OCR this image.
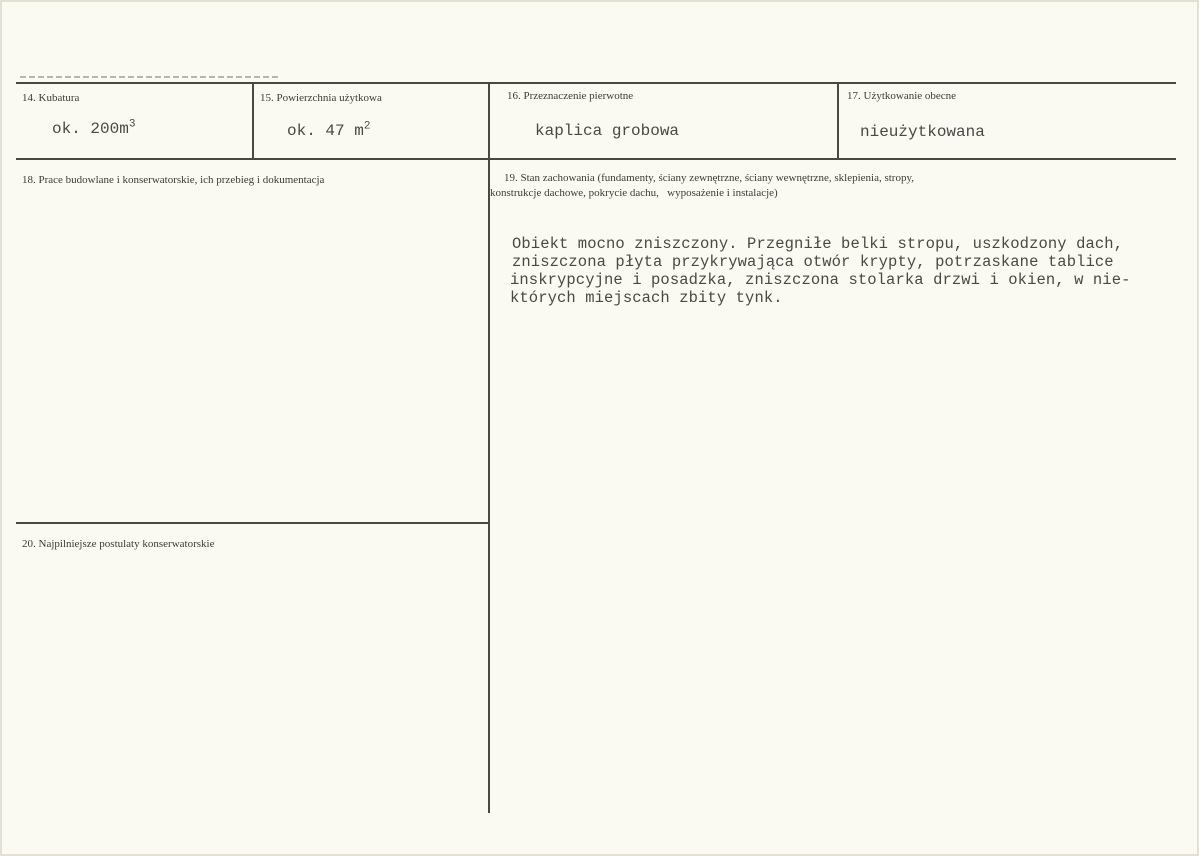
14. Kubatura
ok. $200m^3$
15. Powierzchnia użytkowa
ok. 47 $m^2$
16. Przeznaczenie pierwotne
kaplica grobowa
17. Użytkowanie obecne
nieużytkowana
18. Prace budowlane i konserwatorskie, ich przebieg i dokumentacja	19. Stan zachowania (fundamenty, ściany zewnętrzne, ściany wewnętrzne, sklepienia, stropy,
konstrukcje dachowe, pokrycie dachu,   wyposażenie i instalacje)
Obiekt mocno zniszczony. Przegniłe belki stropu, uszkodzony dach,
zniszczona płyta przykrywająca otwór krypty, potrzaskane tablice
inskrypcyjne i posadzka, zniszczona stolarka drzwi i okien, w nie-
których miejscach zbity tynk.
20. Najpilniejsze postulaty konserwatorskie
